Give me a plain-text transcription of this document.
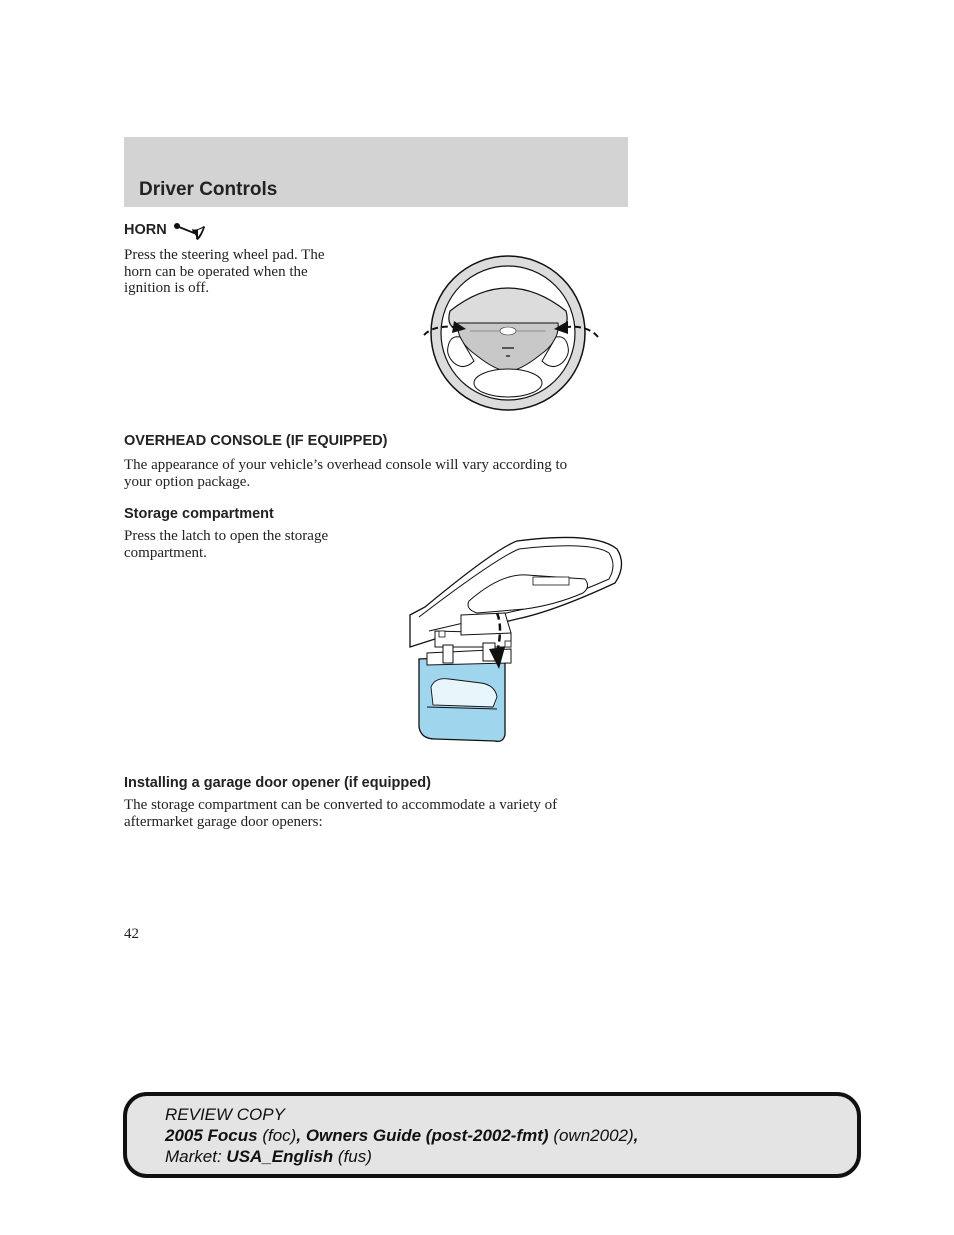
Driver Controls
HORN

Press the steering wheel pad. The
horn can be operated when the
ignition is off.

OVERHEAD CONSOLE (IF EQUIPPED)

The appearance of your vehicle’s overhead console will vary according to
your option package.

Storage compartment

Press the latch to open the storage
compartment.

Installing a garage door opener (if equipped)

The storage compartment can be converted to accommodate a variety of
aftermarket garage door openers:

42

REVIEW COPY
2005 Focus (foc), Owners Guide (post-2002-fmt) (own2002),
Market: USA_English (fus)
